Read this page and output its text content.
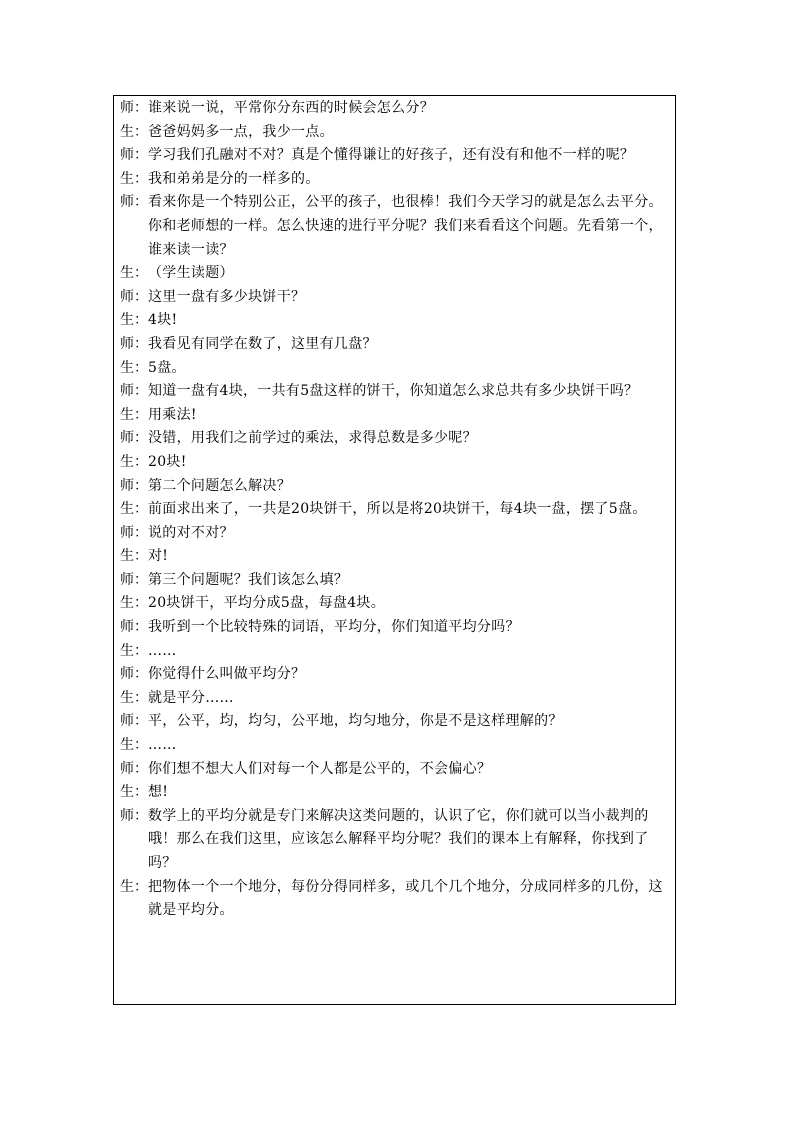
师： 谁来说一说，平常你分东西的时候会怎么分？
生： 爸爸妈妈多一点，我少一点。
师： 学习我们孔融对不对？真是个懂得谦让的好孩子，还有没有和他不一样的呢？
生： 我和弟弟是分的一样多的。
师： 看来你是一个特别公正，公平的孩子，也很棒！我们今天学习的就是怎么去平分。你和老师想的一样。怎么快速的进行平分呢？我们来看看这个问题。先看第一个，谁来读一读？
生： （学生读题）
师： 这里一盘有多少块饼干？
生： 4块!
师： 我看见有同学在数了，这里有几盘？
生： 5盘。
师： 知道一盘有4块，一共有5盘这样的饼干，你知道怎么求总共有多少块饼干吗？
生： 用乘法!
师： 没错，用我们之前学过的乘法，求得总数是多少呢？
生： 20块!
师： 第二个问题怎么解决？
生： 前面求出来了，一共是20块饼干，所以是将20块饼干，每4块一盘，摆了5盘。
师： 说的对不对？
生： 对!
师： 第三个问题呢？我们该怎么填？
生： 20块饼干，平均分成5盘，每盘4块。
师： 我听到一个比较特殊的词语，平均分，你们知道平均分吗？
生： ……
师： 你觉得什么叫做平均分？
生： 就是平分……
师： 平，公平，均，均匀，公平地，均匀地分，你是不是这样理解的？
生： ……
师： 你们想不想大人们对每一个人都是公平的，不会偏心？
生： 想!
师： 数学上的平均分就是专门来解决这类问题的，认识了它，你们就可以当小裁判的哦！那么在我们这里，应该怎么解释平均分呢？我们的课本上有解释，你找到了吗？
生： 把物体一个一个地分，每份分得同样多，或几个几个地分，分成同样多的几份，这就是平均分。
